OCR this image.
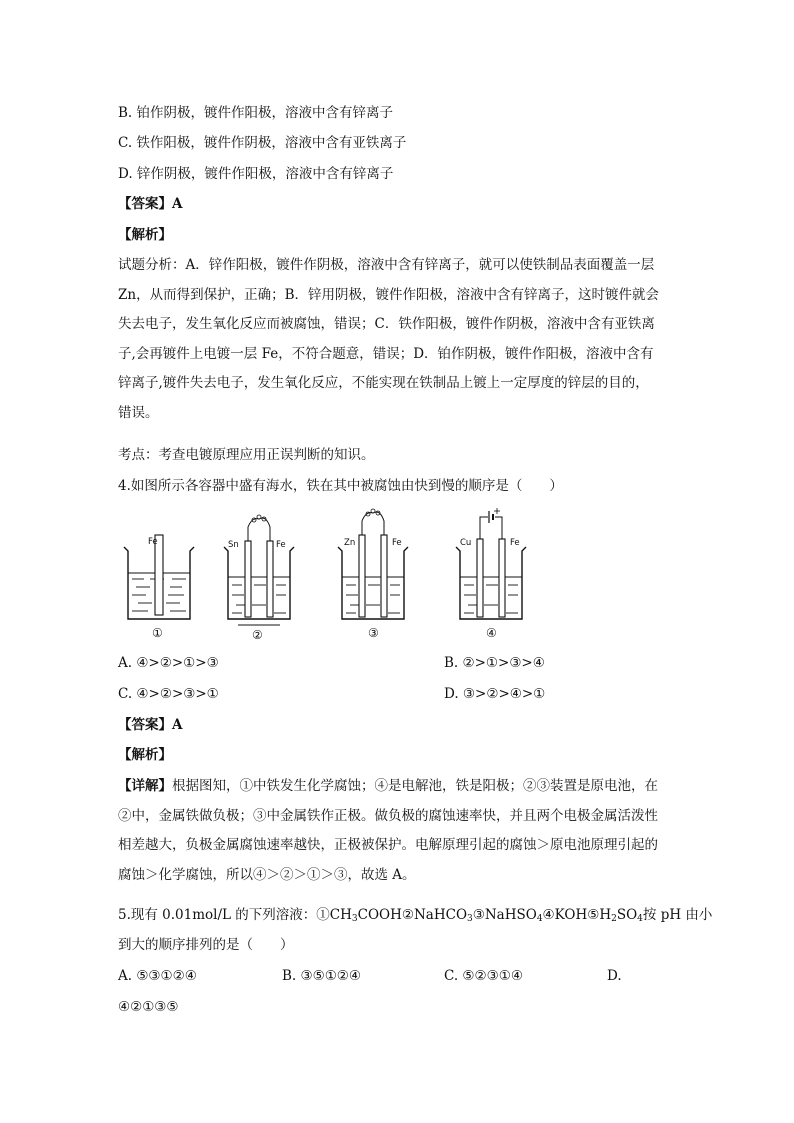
B. 铂作阴极，镀件作阳极，溶液中含有锌离子
C. 铁作阳极，镀件作阴极，溶液中含有亚铁离子
D. 锌作阴极，镀件作阳极，溶液中含有锌离子
【答案】A
【解析】
试题分析：A．锌作阳极，镀件作阴极，溶液中含有锌离子，就可以使铁制品表面覆盖一层
Zn，从而得到保护，正确；B．锌用阴极，镀件作阳极，溶液中含有锌离子，这时镀件就会
失去电子，发生氧化反应而被腐蚀，错误；C．铁作阳极，镀件作阴极，溶液中含有亚铁离
子,会再镀件上电镀一层 Fe，不符合题意，错误；D．铂作阴极，镀件作阳极，溶液中含有
锌离子,镀件失去电子，发生氧化反应，不能实现在铁制品上镀上一定厚度的锌层的目的，
错误。
考点：考查电镀原理应用正误判断的知识。
4.如图所示各容器中盛有海水，铁在其中被腐蚀由快到慢的顺序是（　　）
Fe
①
Sn	Fe
②
Zn	Fe
③
Cu	Fe
④
A. ④>②>①>③	B. ②>①>③>④
C. ④>②>③>①	D. ③>②>④>①
【答案】A
【解析】
【详解】根据图知，①中铁发生化学腐蚀；④是电解池，铁是阳极；②③装置是原电池，在
②中，金属铁做负极；③中金属铁作正极。做负极的腐蚀速率快，并且两个电极金属活泼性
相差越大，负极金属腐蚀速率越快，正极被保护。电解原理引起的腐蚀＞原电池原理引起的
腐蚀＞化学腐蚀，所以④＞②＞①＞③，故选 A。
5.现有 0.01mol/L 的下列溶液：$①CH_3COOH②NaHCO_3③NaHSO_4④KOH⑤H_2SO_4$按 pH 由小
到大的顺序排列的是（　　）
A. ⑤③①②④	B. ③⑤①②④	C. ⑤②③①④	D.
④②①③⑤
